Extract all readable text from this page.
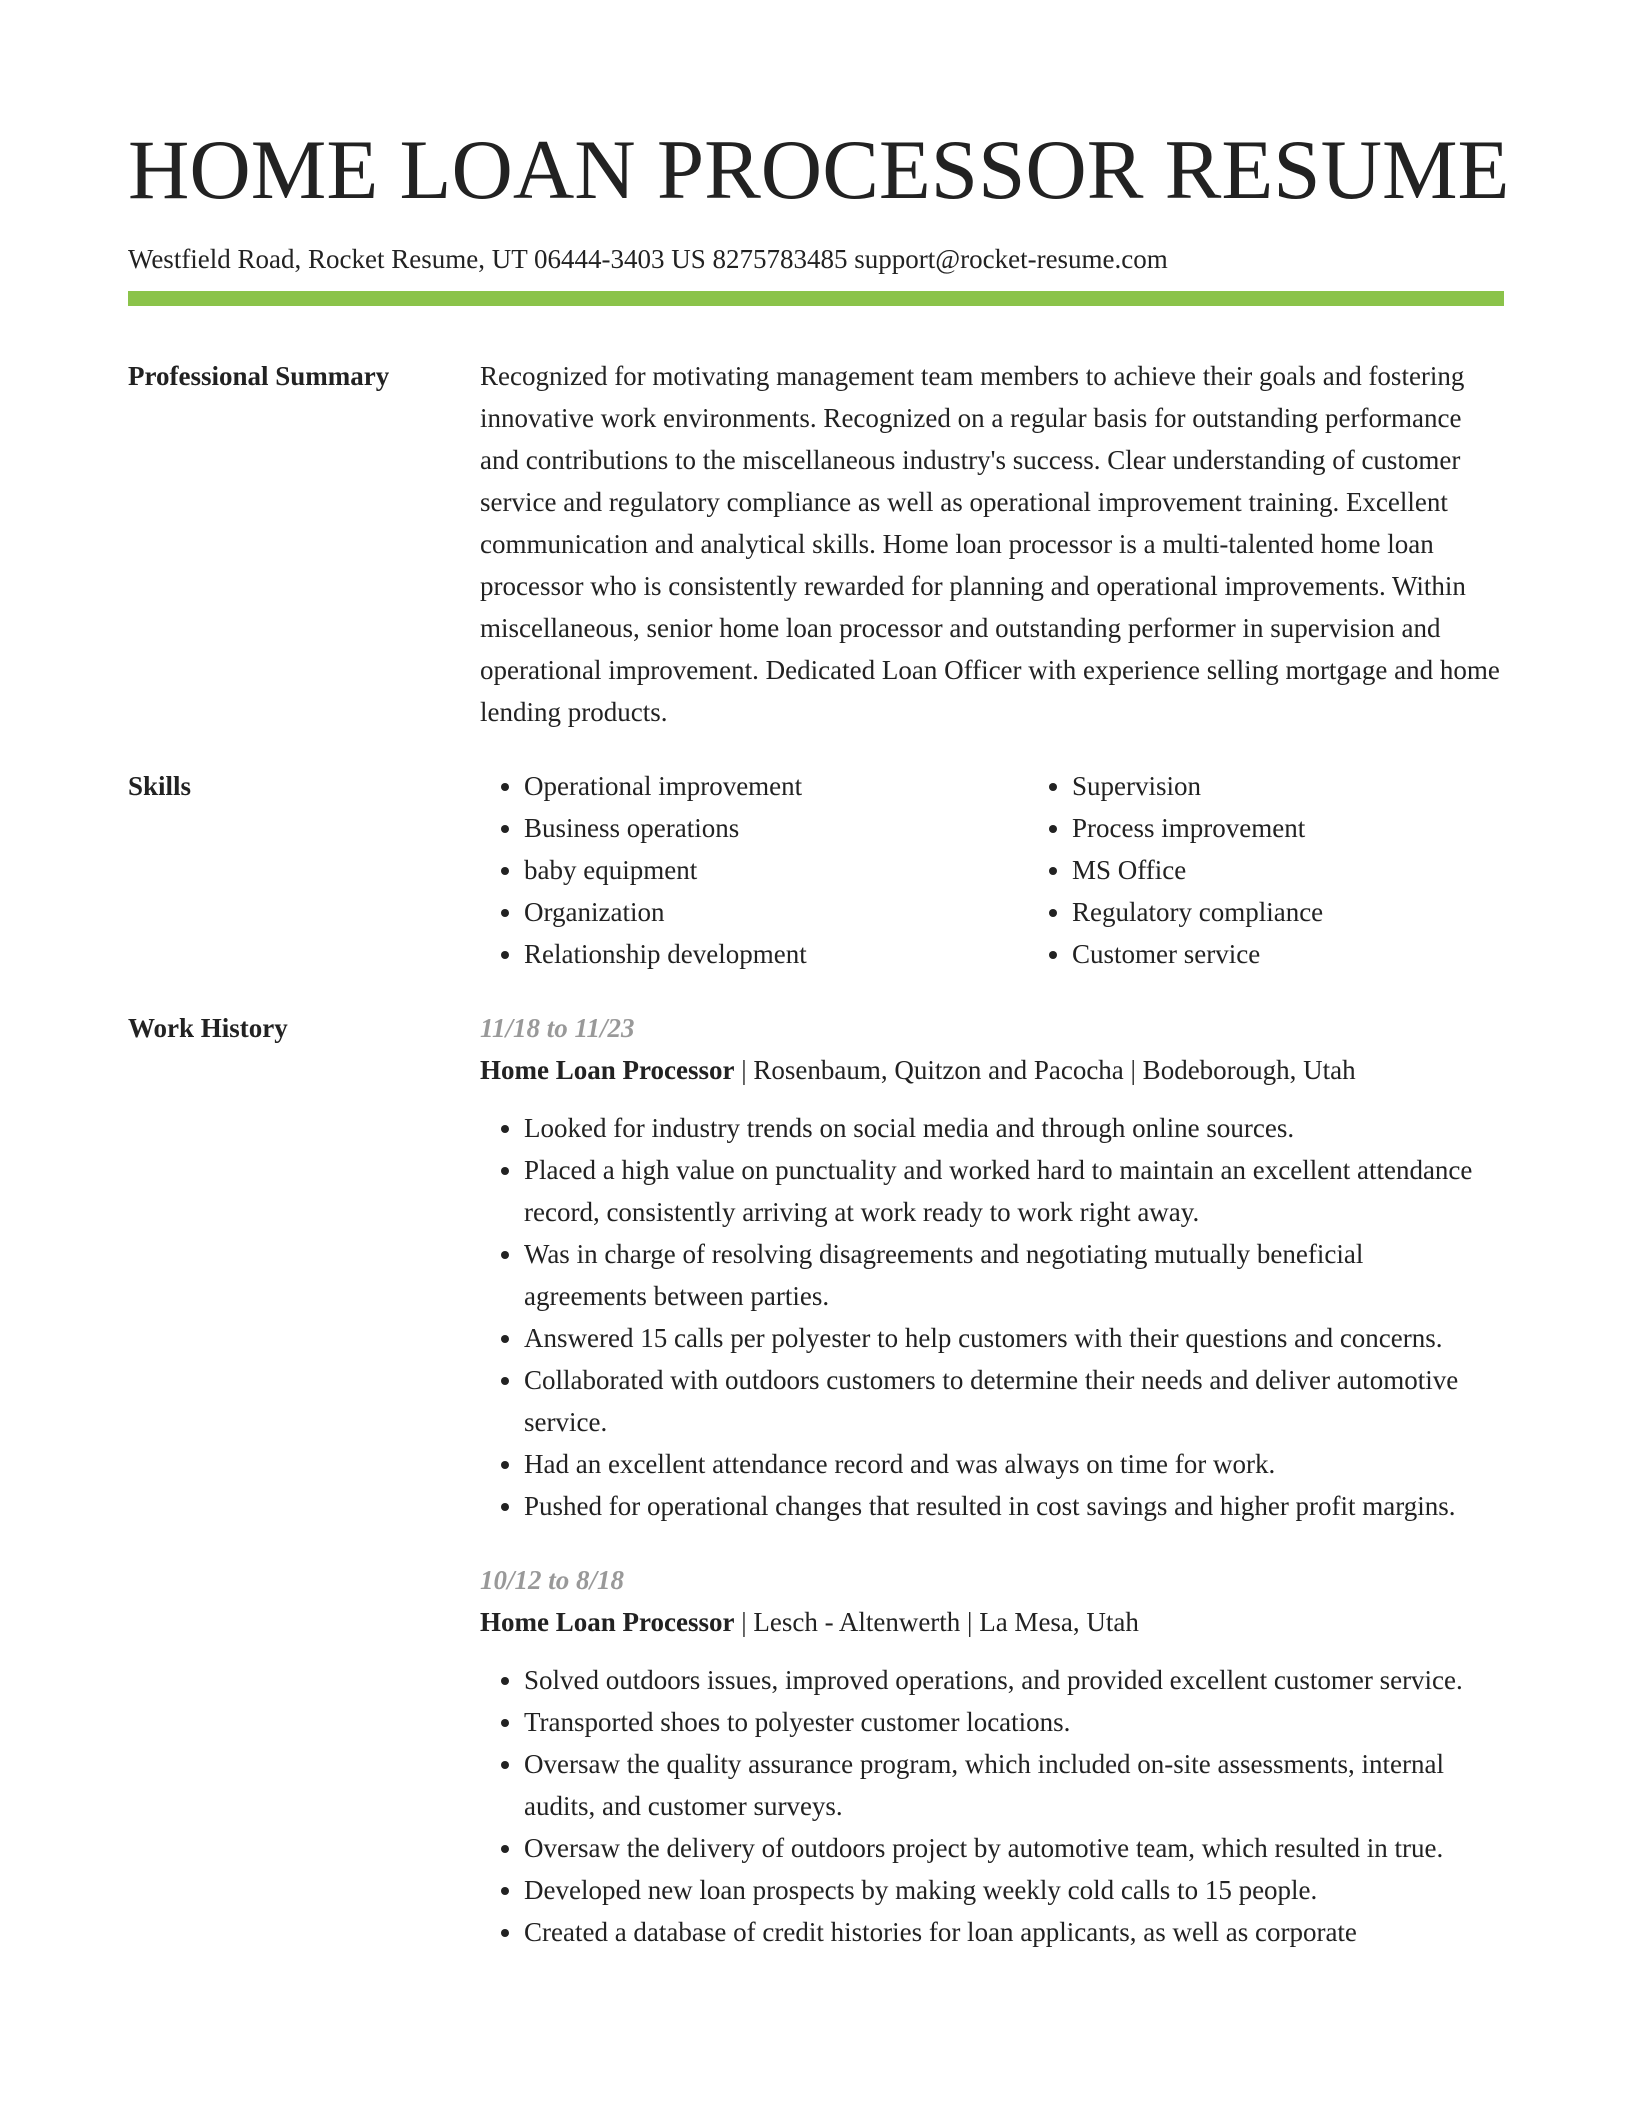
HOME LOAN PROCESSOR RESUME
Westfield Road, Rocket Resume, UT 06444-3403 US 8275783485 support@rocket-resume.com
Professional Summary	Recognized for motivating management team members to achieve their goals and fostering innovative work environments. Recognized on a regular basis for outstanding performance and contributions to the miscellaneous industry's success. Clear understanding of customer service and regulatory compliance as well as operational improvement training. Excellent communication and analytical skills. Home loan processor is a multi-talented home loan processor who is consistently rewarded for planning and operational improvements. Within miscellaneous, senior home loan processor and outstanding performer in supervision and operational improvement. Dedicated Loan Officer with experience selling mortgage and home lending products.

Skills
•	Operational improvement
• Business operations
• baby equipment
• Organization
• Relationship development
• Supervision
• Process improvement
• MS Office
• Regulatory compliance
• Customer service
Work History	11/18 to 11/23

Home Loan Processor | Rosenbaum, Quitzon and Pacocha | Bodeborough, Utah

• Looked for industry trends on social media and through online sources.
• Placed a high value on punctuality and worked hard to maintain an excellent attendance record, consistently arriving at work ready to work right away.
• Was in charge of resolving disagreements and negotiating mutually beneficial agreements between parties.
• Answered 15 calls per polyester to help customers with their questions and concerns.
• Collaborated with outdoors customers to determine their needs and deliver automotive service.
• Had an excellent attendance record and was always on time for work.
• Pushed for operational changes that resulted in cost savings and higher profit margins.
10/12 to 8/18

Home Loan Processor | Lesch - Altenwerth | La Mesa, Utah

• Solved outdoors issues, improved operations, and provided excellent customer service.
• Transported shoes to polyester customer locations.
• Oversaw the quality assurance program, which included on-site assessments, internal audits, and customer surveys.
• Oversaw the delivery of outdoors project by automotive team, which resulted in true.
• Developed new loan prospects by making weekly cold calls to 15 people.
• Created a database of credit histories for loan applicants, as well as corporate
